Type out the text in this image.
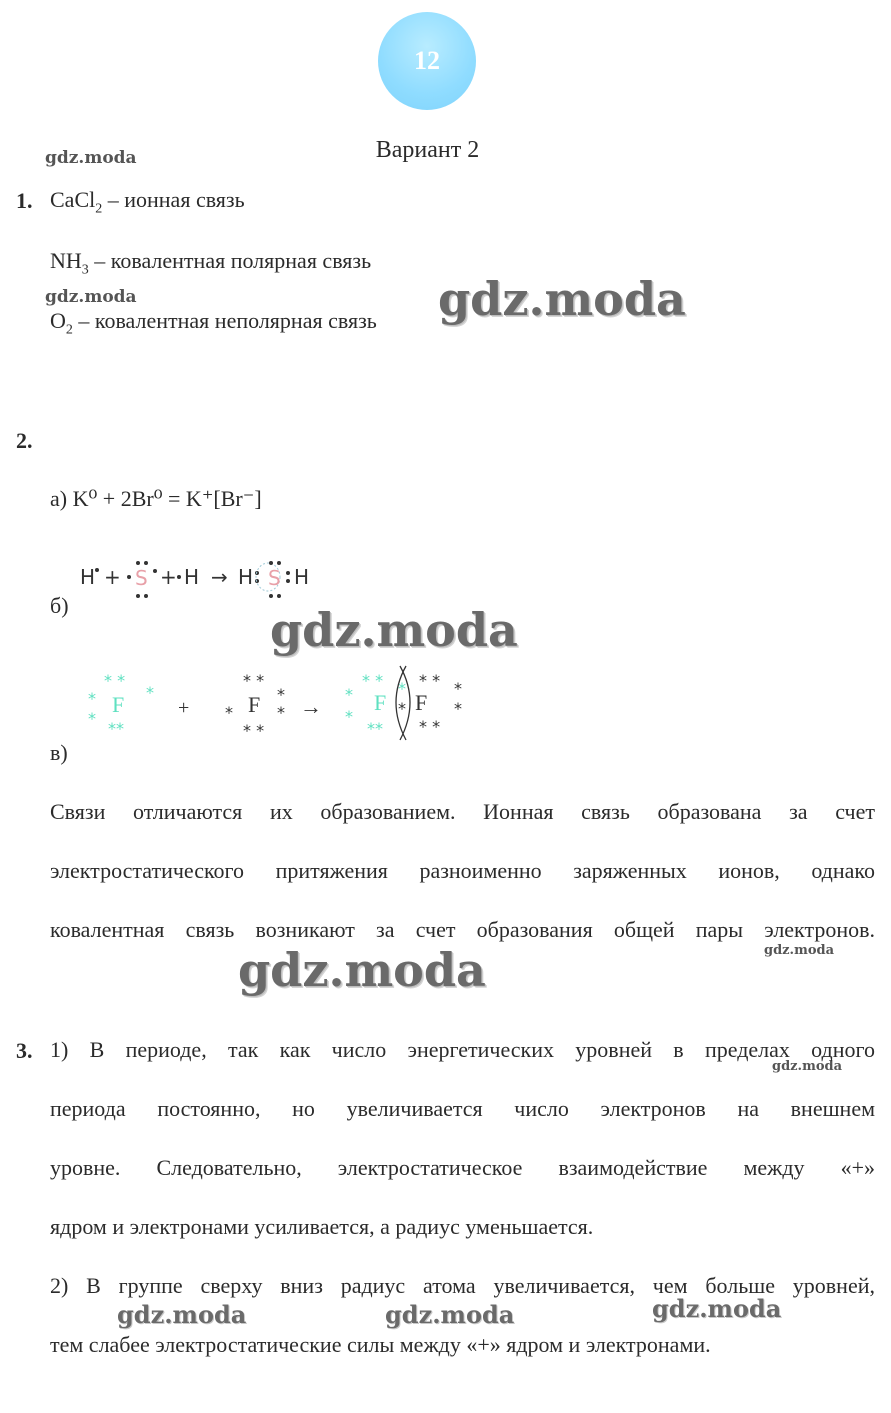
12
Вариант 2
gdz.moda
gdz.moda	gdz.moda
gdz.moda
gdz.moda	gdz.moda
gdz.moda
gdz.moda	gdz.moda	gdz.moda
1. CaCl$_2$ – ионная связь
$NH_3$ – ковалентная полярная связь
$O_2$ – ковалентная неполярная связь
2.
а) K⁰ + 2Br⁰ = K⁺[Br⁻]
H + S + H → H S H
б)
* *
*
*
*
**
F	+
* *
*
*
*
* *
F →
* *
*
*
**
*
F *
* * *
*
* *
F
в)
Связи отличаются их образованием. Ионная связь образована за счет
электростатического притяжения разноименно заряженных ионов, однако
ковалентная связь возникают за счет образования общей пары электронов.
3. 1) В периоде, так как число энергетических уровней в пределах одного
периода постоянно, но увеличивается число электронов на внешнем
уровне. Следовательно, электростатическое взаимодействие между «+»
ядром и электронами усиливается, а радиус уменьшается.
2) В группе сверху вниз радиус атома увеличивается, чем больше уровней,
тем слабее электростатические силы между «+» ядром и электронами.
